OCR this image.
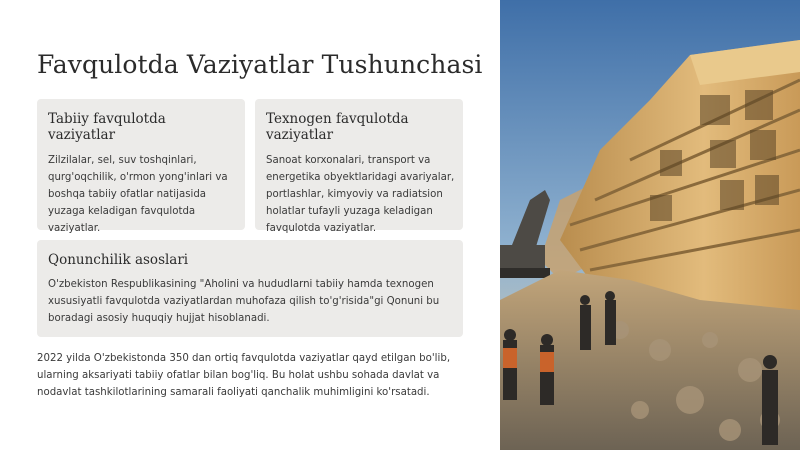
Favqulotda Vaziyatlar Tushunchasi
Tabiiy favqulotda vaziyatlar

Zilzilalar, sel, suv toshqinlari, qurg'oqchilik, o'rmon yong'inlari va boshqa tabiiy ofatlar natijasida yuzaga keladigan favqulotda vaziyatlar.

Texnogen favqulotda vaziyatlar

Sanoat korxonalari, transport va energetika obyektlaridagi avariyalar, portlashlar, kimyoviy va radiatsion holatlar tufayli yuzaga keladigan favqulotda vaziyatlar.

Qonunchilik asoslari

O'zbekiston Respublikasining "Aholini va hududlarni tabiiy hamda texnogen xususiyatli favqulotda vaziyatlardan muhofaza qilish to'g'risida"gi Qonuni bu boradagi asosiy huquqiy hujjat hisoblanadi.

2022 yilda O'zbekistonda 350 dan ortiq favqulotda vaziyatlar qayd etilgan bo'lib, ularning aksariyati tabiiy ofatlar bilan bog'liq. Bu holat ushbu sohada davlat va nodavlat tashkilotlarining samarali faoliyati qanchalik muhimligini ko'rsatadi.
